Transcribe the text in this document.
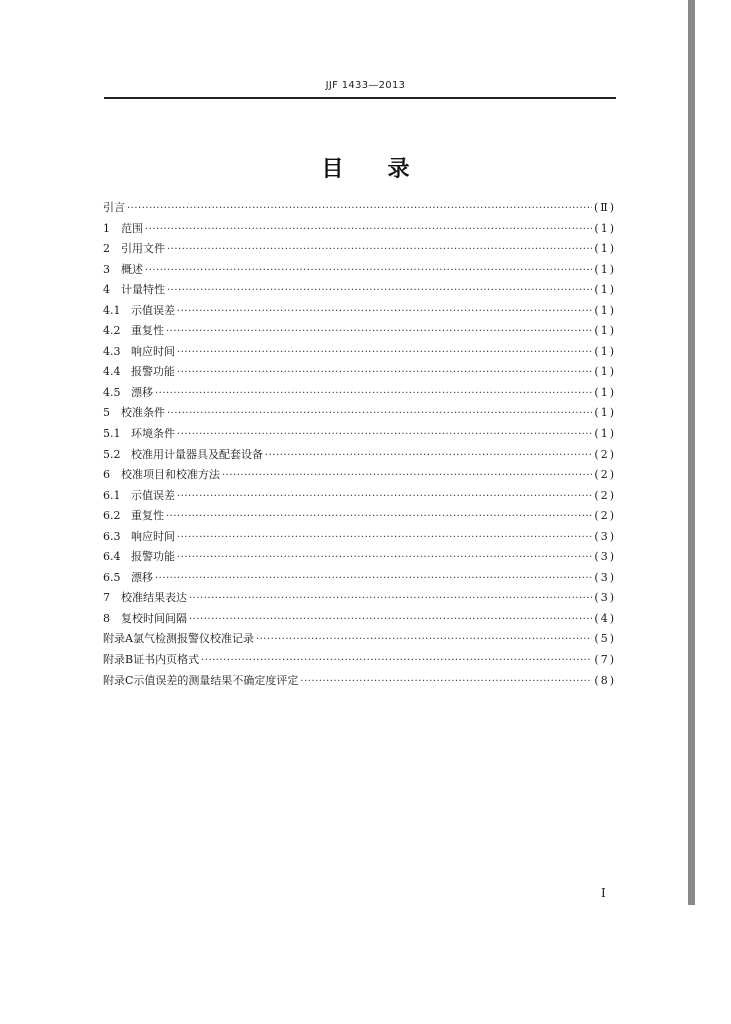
JJF 1433—2013
目录
引言 ·····	(Ⅱ)
1	范围 ·····	(1)
2	引用文件 ·····	(1)
3	概述 ·····	(1)
4	计量特性 ·····	(1)
4.1 示值误差 ·····	(1)
4.2 重复性 ·····	(1)
4.3 响应时间 ·····	(1)
4.4 报警功能 ·····	(1)
4.5 漂移 ·····	(1)
5	校准条件 ·····	(1)
5.1 环境条件 ·····	(1)
5.2 校准用计量器具及配套设备 ·····	(2)
6	校准项目和校准方法 ·····	(2)
6.1 示值误差 ·····	(2)
6.2 重复性 ·····	(2)
6.3 响应时间 ·····	(3)
6.4 报警功能 ·····	(3)
6.5 漂移 ·····	(3)
7	校准结果表达 ·····	(3)
8	复校时间间隔 ·····	(4)
附录A 氯气检测报警仪校准记录 ·····	(5)
附录B 证书内页格式 ·····	(7)
附录C 示值误差的测量结果不确定度评定 ·····	(8)
I
